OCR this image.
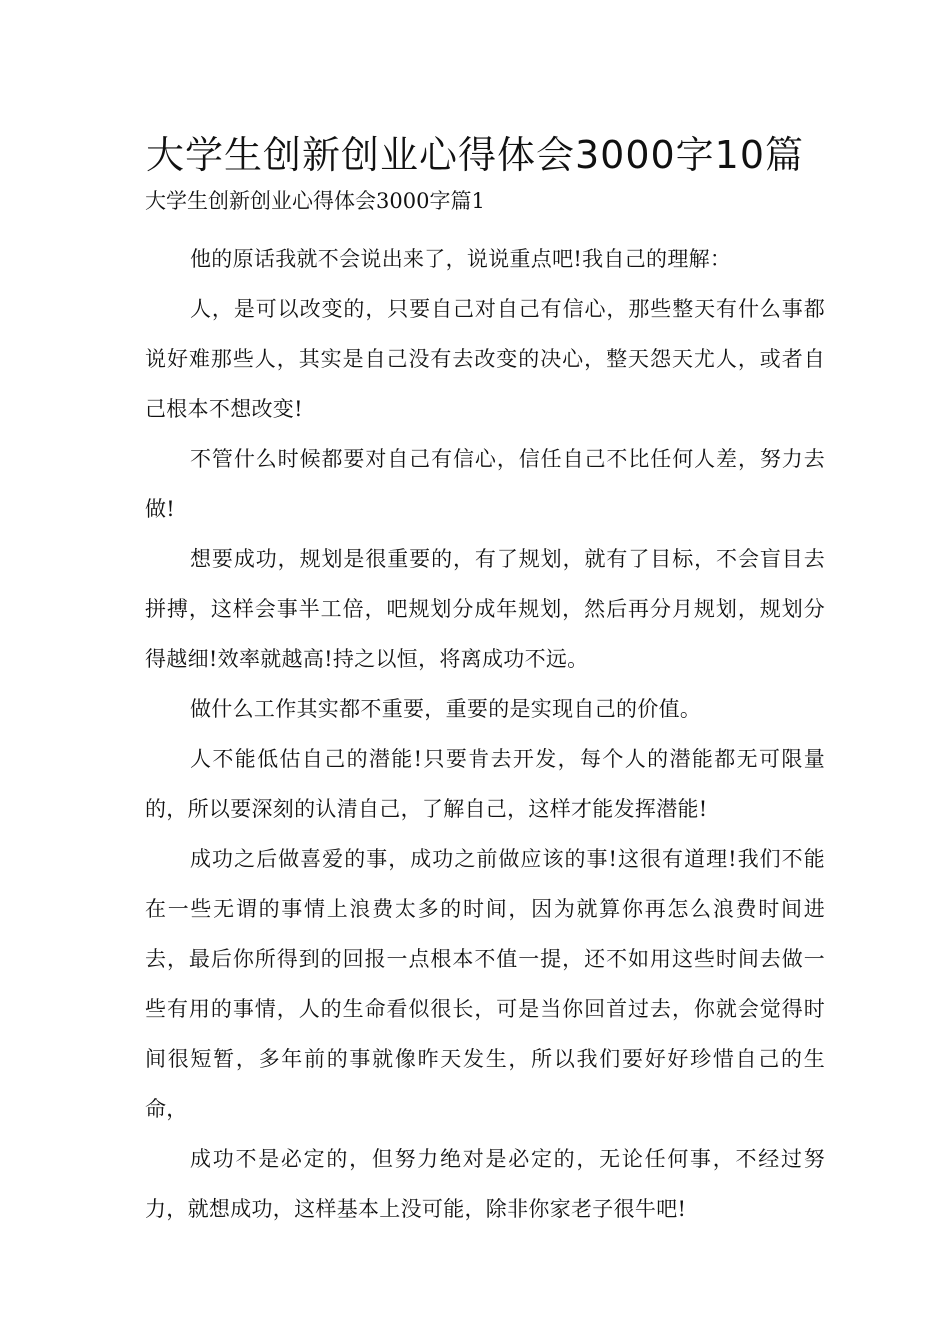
大学生创新创业心得体会3000字10篇
大学生创新创业心得体会3000字篇1

他的原话我就不会说出来了，说说重点吧!我自己的理解：

人，是可以改变的，只要自己对自己有信心，那些整天有什么事都说好难那些人，其实是自己没有去改变的决心，整天怨天尤人，或者自己根本不想改变!

不管什么时候都要对自己有信心，信任自己不比任何人差，努力去做!

想要成功，规划是很重要的，有了规划，就有了目标，不会盲目去拼搏，这样会事半工倍，吧规划分成年规划，然后再分月规划，规划分得越细!效率就越高!持之以恒，将离成功不远。

做什么工作其实都不重要，重要的是实现自己的价值。

人不能低估自己的潜能!只要肯去开发，每个人的潜能都无可限量的，所以要深刻的认清自己，了解自己，这样才能发挥潜能!

成功之后做喜爱的事，成功之前做应该的事!这很有道理!我们不能在一些无谓的事情上浪费太多的时间，因为就算你再怎么浪费时间进去，最后你所得到的回报一点根本不值一提，还不如用这些时间去做一些有用的事情，人的生命看似很长，可是当你回首过去，你就会觉得时间很短暂，多年前的事就像昨天发生，所以我们要好好珍惜自己的生命，

成功不是必定的，但努力绝对是必定的，无论任何事，不经过努力，就想成功，这样基本上没可能，除非你家老子很牛吧!
